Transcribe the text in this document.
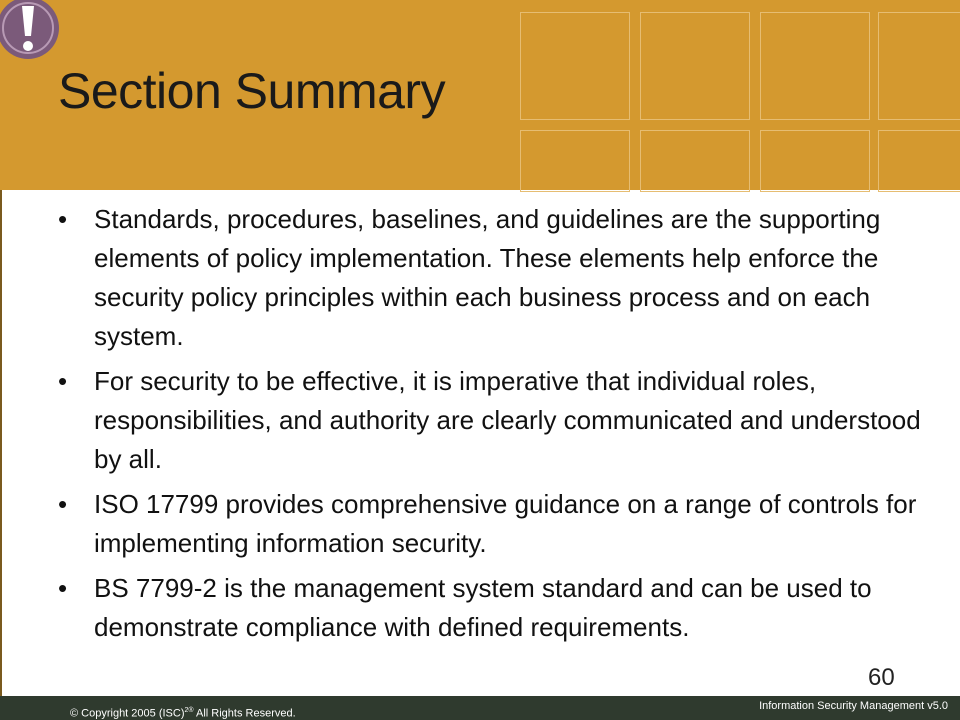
Section Summary
• Standards, procedures, baselines, and guidelines are the supporting elements of policy implementation. These elements help enforce the security policy principles within each business process and on each system.
• For security to be effective, it is imperative that individual roles, responsibilities, and authority are clearly communicated and understood by all.
• ISO 17799 provides comprehensive guidance on a range of controls for implementing information security.
• BS 7799-2 is the management system standard and can be used to demonstrate compliance with defined requirements.
60
© Copyright 2005 (ISC)$^{2®}$ All Rights Reserved.
Information Security Management v5.0
